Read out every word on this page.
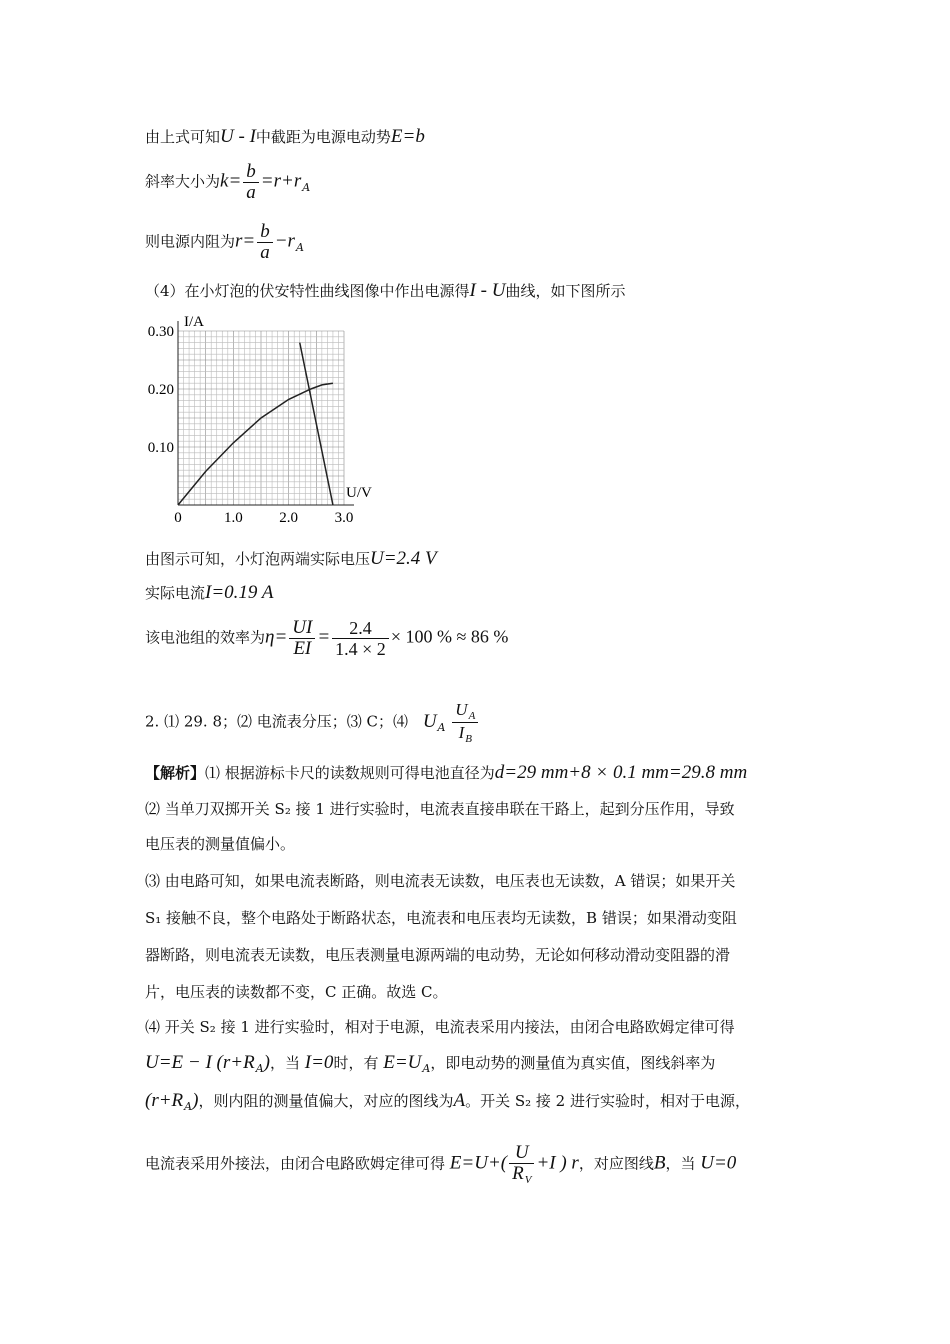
由上式可知U - I中截距为电源电动势E=b
斜率大小为$k= \frac{b}{a} =r+r_A$
则电源内阻为$r= \frac{b}{a} -r_A$
（4）在小灯泡的伏安特性曲线图像中作出电源得I - U曲线，如下图所示
0.10
0.20
0.30
0	1.0 2.0 3.0
I/A
U/V
由图示可知，小灯泡两端实际电压U=2.4 V
实际电流I=0.19 A
该电池组的效率为$\eta= \frac{UI}{EI} = \frac{2.4}{1.4 \times 2} \times 100$ % ≈ 86 %
2. ⑴ 29. 8；⑵ 电流表分压；⑶ C；⑷ $U_A \frac{U_A}{I_B}$
【解析】⑴ 根据游标卡尺的读数规则可得电池直径为d=29 mm+8 × 0.1 mm=29.8 mm
⑵ 当单刀双掷开关 S₂ 接 1 进行实验时，电流表直接串联在干路上，起到分压作用，导致
电压表的测量值偏小。
⑶ 由电路可知，如果电流表断路，则电流表无读数，电压表也无读数，A 错误；如果开关
S₁ 接触不良，整个电路处于断路状态，电流表和电压表均无读数，B 错误；如果滑动变阻
器断路，则电流表无读数，电压表测量电源两端的电动势，无论如何移动滑动变阻器的滑
片，电压表的读数都不变，C 正确。故选 C。
⑷ 开关 S₂ 接 1 进行实验时，相对于电源，电流表采用内接法，由闭合电路欧姆定律可得
U=E − I $(r+R_A)$，当 I=0时，有 $E=U_A$，即电动势的测量值为真实值，图线斜率为
$(r+R_A)$，则内阻的测量值偏大，对应的图线为A。开关 S₂ 接 2 进行实验时，相对于电源，
电流表采用外接法，由闭合电路欧姆定律可得 $E=U+( \frac{U}{R_V} +I$ ) r，对应图线B，当 U=0
